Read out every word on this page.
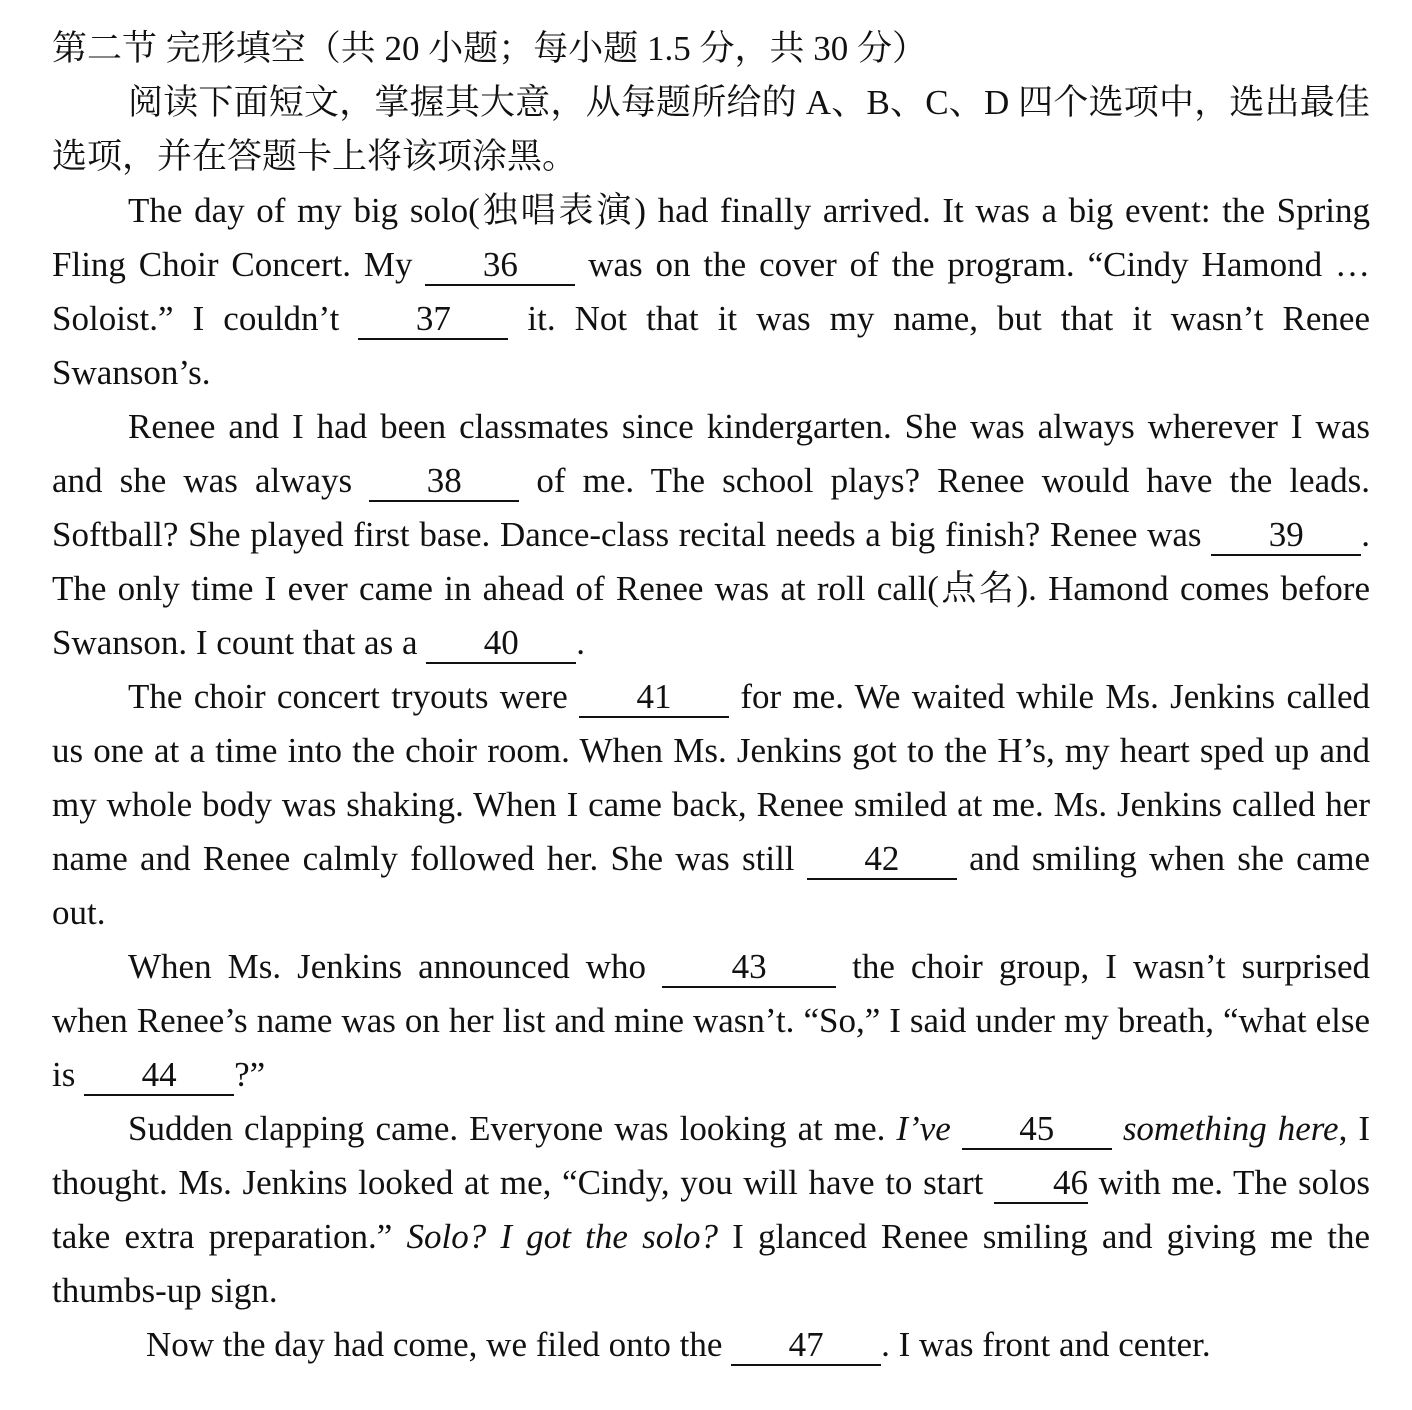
第二节 完形填空（共 20 小题；每小题 1.5 分，共 30 分）

阅读下面短文，掌握其大意，从每题所给的 A、B、C、D 四个选项中，选出最佳选项，并在答题卡上将该项涂黑。

The day of my big solo(独唱表演) had finally arrived. It was a big event: the Spring Fling Choir Concert. My 36 was on the cover of the program. “Cindy Hamond … Soloist.” I couldn’t 37 it. Not that it was my name, but that it wasn’t Renee Swanson’s.

Renee and I had been classmates since kindergarten. She was always wherever I was and she was always 38 of me. The school plays? Renee would have the leads. Softball? She played first base. Dance-class recital needs a big finish? Renee was 39 . The only time I ever came in ahead of Renee was at roll call(点名). Hamond comes before Swanson. I count that as a 40 .

The choir concert tryouts were 41 for me. We waited while Ms. Jenkins called us one at a time into the choir room. When Ms. Jenkins got to the H’s, my heart sped up and my whole body was shaking. When I came back, Renee smiled at me. Ms. Jenkins called her name and Renee calmly followed her. She was still 42 and smiling when she came out.

When Ms. Jenkins announced who 43 the choir group, I wasn’t surprised when Renee’s name was on her list and mine wasn’t. “So,” I said under my breath, “what else is 44 ?”

Sudden clapping came. Everyone was looking at me. I’ve 45 something here, I thought. Ms. Jenkins looked at me, “Cindy, you will have to start 46 with me. The solos take extra preparation.” Solo? I got the solo? I glanced Renee smiling and giving me the thumbs-up sign.

Now the day had come, we filed onto the 47 . I was front and center.
